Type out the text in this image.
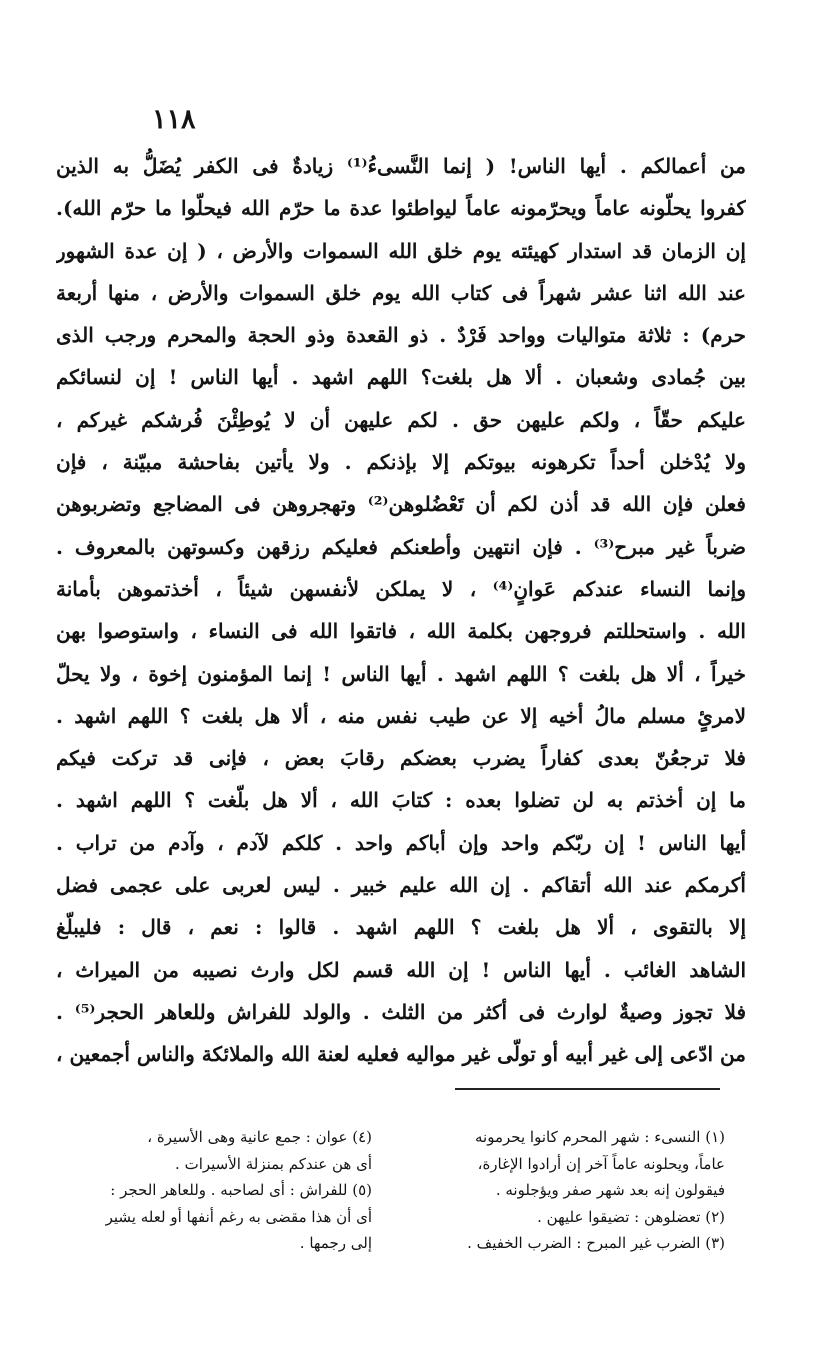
١١٨
من أعمالكم . أيها الناس! ( إنما النَّسىءُ⁽¹⁾ زيادةٌ فى الكفر يُضَلُّ به الذين
كفروا يحلّونه عاماً ويحرّمونه عاماً ليواطئوا عدة ما حرّم الله فيحلّوا ما حرّم الله).
إن الزمان قد استدار كهيئته يوم خلق الله السموات والأرض ، ( إن عدة الشهور
عند الله اثنا عشر شهراً فى كتاب الله يوم خلق السموات والأرض ، منها أربعة
حرم) : ثلاثة متواليات وواحد فَرْدٌ . ذو القعدة وذو الحجة والمحرم ورجب الذى
بين جُمادى وشعبان . ألا هل بلغت؟ اللهم اشهد . أيها الناس ! إن لنسائكم
عليكم حقّاً ، ولكم عليهن حق . لكم عليهن أن لا يُوطِئْنَ فُرشكم غيركم ،
ولا يُدْخلن أحداً تكرهونه بيوتكم إلا بإذنكم . ولا يأتين بفاحشة مبيّنة ، فإن
فعلن فإن الله قد أذن لكم أن تَعْضُلوهن⁽²⁾ وتهجروهن فى المضاجع وتضربوهن
ضرباً غير مبرح⁽³⁾ . فإن انتهين وأطعنكم فعليكم رزقهن وكسوتهن بالمعروف .
وإنما النساء عندكم عَوانٍ⁽⁴⁾ ، لا يملكن لأنفسهن شيئاً ، أخذتموهن بأمانة
الله . واستحللتم فروجهن بكلمة الله ، فاتقوا الله فى النساء ، واستوصوا بهن
خيراً ، ألا هل بلغت ؟ اللهم اشهد . أيها الناس ! إنما المؤمنون إخوة ، ولا يحلّ
لامرئٍ مسلم مالُ أخيه إلا عن طيب نفس منه ، ألا هل بلغت ؟ اللهم اشهد .
فلا ترجعُنّ بعدى كفاراً يضرب بعضكم رقابَ بعض ، فإنى قد تركت فيكم
ما إن أخذتم به لن تضلوا بعده : كتابَ الله ، ألا هل بلّغت ؟ اللهم اشهد .
أيها الناس ! إن ربّكم واحد وإن أباكم واحد . كلكم لآدم ، وآدم من تراب .
أكرمكم عند الله أتقاكم . إن الله عليم خبير . ليس لعربى على عجمى فضل
إلا بالتقوى ، ألا هل بلغت ؟ اللهم اشهد . قالوا : نعم ، قال : فليبلّغ
الشاهد الغائب . أيها الناس ! إن الله قسم لكل وارث نصيبه من الميراث ،
فلا تجوز وصيةٌ لوارث فى أكثر من الثلث . والولد للفراش وللعاهر الحجر⁽⁵⁾ .
من ادّعى إلى غير أبيه أو تولّى غير مواليه فعليه لعنة الله والملائكة والناس أجمعين ،
(١) النسىء : شهر المحرم كانوا يحرمونه
عاماً، ويحلونه عاماً آخر إن أرادوا الإغارة،
فيقولون إنه بعد شهر صفر ويؤجلونه .
(٢) تعضلوهن : تضيقوا عليهن .
(٣) الضرب غير المبرح : الضرب الخفيف .
(٤) عوان : جمع عانية وهى الأسيرة ،
أى هن عندكم بمنزلة الأسيرات .
(٥) للفراش : أى لصاحبه . وللعاهر الحجر :
أى أن هذا مقضى به رغم أنفها أو لعله يشير
إلى رجمها .
